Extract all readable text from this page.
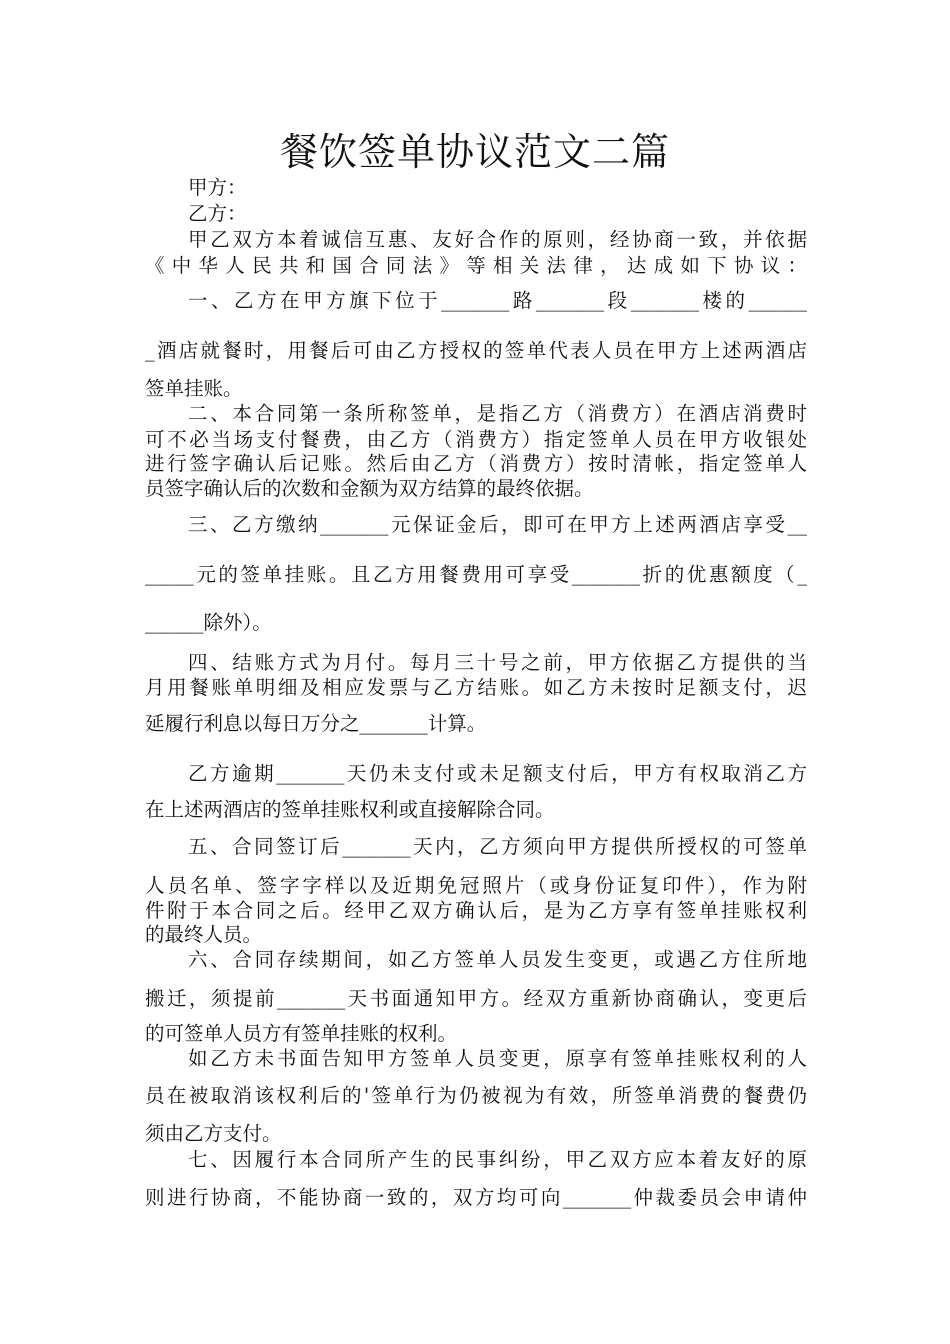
餐饮签单协议范文二篇
甲方：
乙方：
甲乙双方本着诚信互惠、友好合作的原则，经协商一致，并依据
《中华人民共和国合同法》等相关法律，达成如下协议：
一、乙方在甲方旗下位于_______路_______段_______楼的______
_酒店就餐时，用餐后可由乙方授权的签单代表人员在甲方上述两酒店
签单挂账。
二、本合同第一条所称签单，是指乙方（消费方）在酒店消费时
可不必当场支付餐费，由乙方（消费方）指定签单人员在甲方收银处
进行签字确认后记账。然后由乙方（消费方）按时清帐，指定签单人
员签字确认后的次数和金额为双方结算的最终依据。
三、乙方缴纳_______元保证金后，即可在甲方上述两酒店享受__
_____元的签单挂账。且乙方用餐费用可享受_______折的优惠额度（_
______除外）。
四、结账方式为月付。每月三十号之前，甲方依据乙方提供的当
月用餐账单明细及相应发票与乙方结账。如乙方未按时足额支付，迟
延履行利息以每日万分之_______计算。
乙方逾期_______天仍未支付或未足额支付后，甲方有权取消乙方
在上述两酒店的签单挂账权利或直接解除合同。
五、合同签订后_______天内，乙方须向甲方提供所授权的可签单
人员名单、签字字样以及近期免冠照片（或身份证复印件），作为附
件附于本合同之后。经甲乙双方确认后，是为乙方享有签单挂账权利
的最终人员。
六、合同存续期间，如乙方签单人员发生变更，或遇乙方住所地
搬迁，须提前_______天书面通知甲方。经双方重新协商确认，变更后
的可签单人员方有签单挂账的权利。
如乙方未书面告知甲方签单人员变更，原享有签单挂账权利的人
员在被取消该权利后的'签单行为仍被视为有效，所签单消费的餐费仍
须由乙方支付。
七、因履行本合同所产生的民事纠纷，甲乙双方应本着友好的原
则进行协商，不能协商一致的，双方均可向_______仲裁委员会申请仲
